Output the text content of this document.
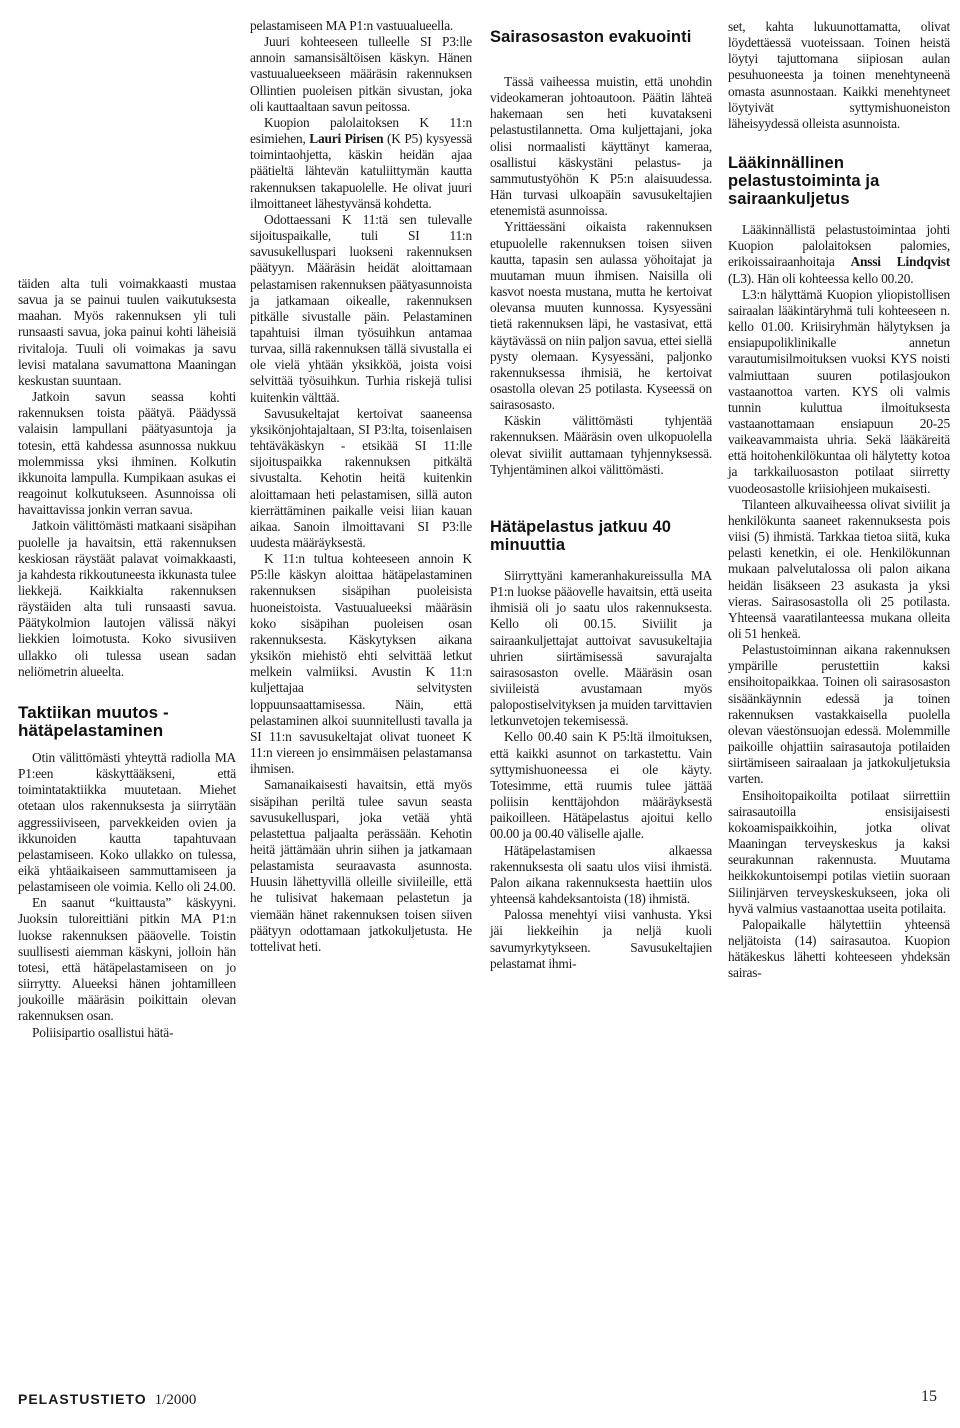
täiden alta tuli voimakkaasti mustaa savua ja se painui tuulen vaikutuksesta maahan. Myös rakennuksen yli tuli runsaasti savua, joka painui kohti läheisiä rivitaloja. Tuuli oli voimakas ja savu levisi matalana savumattona Maaningan keskustan suuntaan.

Jatkoin savun seassa kohti rakennuksen toista päätyä. Päädyssä valaisin lampullani päätyasuntoja ja totesin, että kahdessa asunnossa nukkuu molemmissa yksi ihminen. Kolkutin ikkunoita lampulla. Kumpikaan asukas ei reagoinut kolkutukseen. Asunnoissa oli havaittavissa jonkin verran savua.

Jatkoin välittömästi matkaani sisäpihan puolelle ja havaitsin, että rakennuksen keskiosan räystäät palavat voimakkaasti, ja kahdesta rikkoutuneesta ikkunasta tulee liekkejä. Kaikkialta rakennuksen räystäiden alta tuli runsaasti savua. Päätykolmion lautojen välissä näkyi liekkien loimotusta. Koko sivusiiven ullakko oli tulessa usean sadan neliömetrin alueelta.

Taktiikan muutos - hätäpelastaminen

Otin välittömästi yhteyttä radiolla MA P1:een käskyttääkseni, että toimintataktiikka muutetaan. Miehet otetaan ulos rakennuksesta ja siirrytään aggressiiviseen, parvekkeiden ovien ja ikkunoiden kautta tapahtuvaan pelastamiseen. Koko ullakko on tulessa, eikä yhtäaikaiseen sammuttamiseen ja pelastamiseen ole voimia. Kello oli 24.00.

En saanut “kuittausta” käskyyni. Juoksin tuloreittiäni pitkin MA P1:n luokse rakennuksen pääovelle. Toistin suullisesti aiemman käskyni, jolloin hän totesi, että hätäpelastamiseen on jo siirrytty. Alueeksi hänen johtamilleen joukoille määräsin poikittain olevan rakennuksen osan.

Poliisipartio osallistui hätä-

pelastamiseen MA P1:n vastuualueella.

Juuri kohteeseen tulleelle SI P3:lle annoin samansisältöisen käskyn. Hänen vastuualueekseen määräsin rakennuksen Ollintien puoleisen pitkän sivustan, joka oli kauttaaltaan savun peitossa.

Kuopion palolaitoksen K 11:n esimiehen, Lauri Pirisen (K P5) kysyessä toimintaohjetta, käskin heidän ajaa päätieltä lähtevän katuliittymän kautta rakennuksen takapuolelle. He olivat juuri ilmoittaneet lähestyvänsä kohdetta.

Odottaessani K 11:tä sen tulevalle sijoituspaikalle, tuli SI 11:n savusukelluspari luokseni rakennuksen päätyyn. Määräsin heidät aloittamaan pelastamisen rakennuksen päätyasunnoista ja jatkamaan oikealle, rakennuksen pitkälle sivustalle päin. Pelastaminen tapahtuisi ilman työsuihkun antamaa turvaa, sillä rakennuksen tällä sivustalla ei ole vielä yhtään yksikköä, joista voisi selvittää työsuihkun. Turhia riskejä tulisi kuitenkin välttää.

Savusukeltajat kertoivat saaneensa yksikönjohtajaltaan, SI P3:lta, toisenlaisen tehtäväkäskyn - etsikää SI 11:lle sijoituspaikka rakennuksen pitkältä sivustalta. Kehotin heitä kuitenkin aloittamaan heti pelastamisen, sillä auton kierrättäminen paikalle veisi liian kauan aikaa. Sanoin ilmoittavani SI P3:lle uudesta määräyksestä.

K 11:n tultua kohteeseen annoin K P5:lle käskyn aloittaa hätäpelastaminen rakennuksen sisäpihan puoleisista huoneistoista. Vastuualueeksi määräsin koko sisäpihan puoleisen osan rakennuksesta. Käskytyksen aikana yksikön miehistö ehti selvittää letkut melkein valmiiksi. Avustin K 11:n kuljettajaa selvitysten loppuunsaattamisessa. Näin, että pelastaminen alkoi suunnitellusti tavalla ja SI 11:n savusukeltajat olivat tuoneet K 11:n viereen jo ensimmäisen pelastamansa ihmisen.

Samanaikaisesti havaitsin, että myös sisäpihan periltä tulee savun seasta savusukelluspari, joka vetää yhtä pelastettua paljaalta perässään. Kehotin heitä jättämään uhrin siihen ja jatkamaan pelastamista seuraavasta asunnosta. Huusin lähettyvillä olleille siviileille, että he tulisivat hakemaan pelastetun ja viemään hänet rakennuksen toisen siiven päätyyn odottamaan jatkokuljetusta. He tottelivat heti.

Sairasosaston evakuointi

Tässä vaiheessa muistin, että unohdin videokameran johtoautoon. Päätin lähteä hakemaan sen heti kuvatakseni pelastustilannetta. Oma kuljettajani, joka olisi normaalisti käyttänyt kameraa, osallistui käskystäni pelastus- ja sammutustyöhön K P5:n alaisuudessa. Hän turvasi ulkoapäin savusukeltajien etenemistä asunnoissa.

Yrittäessäni oikaista rakennuksen etupuolelle rakennuksen toisen siiven kautta, tapasin sen aulassa yöhoitajat ja muutaman muun ihmisen. Naisilla oli kasvot noesta mustana, mutta he kertoivat olevansa muuten kunnossa. Kysyessäni tietä rakennuksen läpi, he vastasivat, että käytävässä on niin paljon savua, ettei siellä pysty olemaan. Kysyessäni, paljonko rakennuksessa ihmisiä, he kertoivat osastolla olevan 25 potilasta. Kyseessä on sairasosasto.

Käskin välittömästi tyhjentää rakennuksen. Määräsin oven ulkopuolella olevat siviilit auttamaan tyhjennyksessä. Tyhjentäminen alkoi välittömästi.

Hätäpelastus jatkuu 40 minuuttia

Siirryttyäni kameranhakureissulla MA P1:n luokse pääovelle havaitsin, että useita ihmisiä oli jo saatu ulos rakennuksesta. Kello oli 00.15. Siviilit ja sairaankuljettajat auttoivat savusukeltajia uhrien siirtämisessä savurajalta sairasosaston ovelle. Määräsin osan siviileistä avustamaan myös palopostiselvityksen ja muiden tarvittavien letkunvetojen tekemisessä.

Kello 00.40 sain K P5:ltä ilmoituksen, että kaikki asunnot on tarkastettu. Vain syttymishuoneessa ei ole käyty. Totesimme, että ruumis tulee jättää poliisin kenttäjohdon määräyksestä paikoilleen. Hätäpelastus ajoitui kello 00.00 ja 00.40 väliselle ajalle.

Hätäpelastamisen alkaessa rakennuksesta oli saatu ulos viisi ihmistä. Palon aikana rakennuksesta haettiin ulos yhteensä kahdeksantoista (18) ihmistä.

Palossa menehtyi viisi vanhusta. Yksi jäi liekkeihin ja neljä kuoli savumyrkytykseen. Savusukeltajien pelastamat ihmi-

set, kahta lukuunottamatta, olivat löydettäessä vuoteissaan. Toinen heistä löytyi tajuttomana siipiosan aulan pesuhuoneesta ja toinen menehtyneenä omasta asunnostaan. Kaikki menehtyneet löytyivät syttymishuoneiston läheisyydessä olleista asunnoista.

Lääkinnällinen pelastustoiminta ja sairaankuljetus

Lääkinnällistä pelastustoimintaa johti Kuopion palolaitoksen palomies, erikoissairaanhoitaja Anssi Lindqvist (L3). Hän oli kohteessa kello 00.20.

L3:n hälyttämä Kuopion yliopistollisen sairaalan lääkintäryhmä tuli kohteeseen n. kello 01.00. Kriisiryhmän hälytyksen ja ensiapupoliklinikalle annetun varautumisilmoituksen vuoksi KYS noisti valmiuttaan suuren potilasjoukon vastaanottoa varten. KYS oli valmis tunnin kuluttua ilmoituksesta vastaanottamaan ensiapuun 20-25 vaikeavammaista uhria. Sekä lääkäreitä että hoitohenkilökuntaa oli hälytetty kotoa ja tarkkailuosaston potilaat siirretty vuodeosastolle kriisiohjeen mukaisesti.

Tilanteen alkuvaiheessa olivat siviilit ja henkilökunta saaneet rakennuksesta pois viisi (5) ihmistä. Tarkkaa tietoa siitä, kuka pelasti kenetkin, ei ole. Henkilökunnan mukaan palvelutalossa oli palon aikana heidän lisäkseen 23 asukasta ja yksi vieras. Sairasosastolla oli 25 potilasta. Yhteensä vaaratilanteessa mukana olleita oli 51 henkeä.

Pelastustoiminnan aikana rakennuksen ympärille perustettiin kaksi ensihoitopaikkaa. Toinen oli sairasosaston sisäänkäynnin edessä ja toinen rakennuksen vastakkaisella puolella olevan väestönsuojan edessä. Molemmille paikoille ohjattiin sairasautoja potilaiden siirtämiseen sairaalaan ja jatkokuljetuksia varten.

Ensihoitopaikoilta potilaat siirrettiin sairasautoilla ensisijaisesti kokoamispaikkoihin, jotka olivat Maaningan terveyskeskus ja kaksi seurakunnan rakennusta. Muutama heikkokuntoisempi potilas vietiin suoraan Siilinjärven terveyskeskukseen, joka oli hyvä valmius vastaanottaa useita potilaita.

Palopaikalle hälytettiin yhteensä neljätoista (14) sairasautoa. Kuopion hätäkeskus lähetti kohteeseen yhdeksän sairas-

PELASTUSTIETO 1/2000	15
